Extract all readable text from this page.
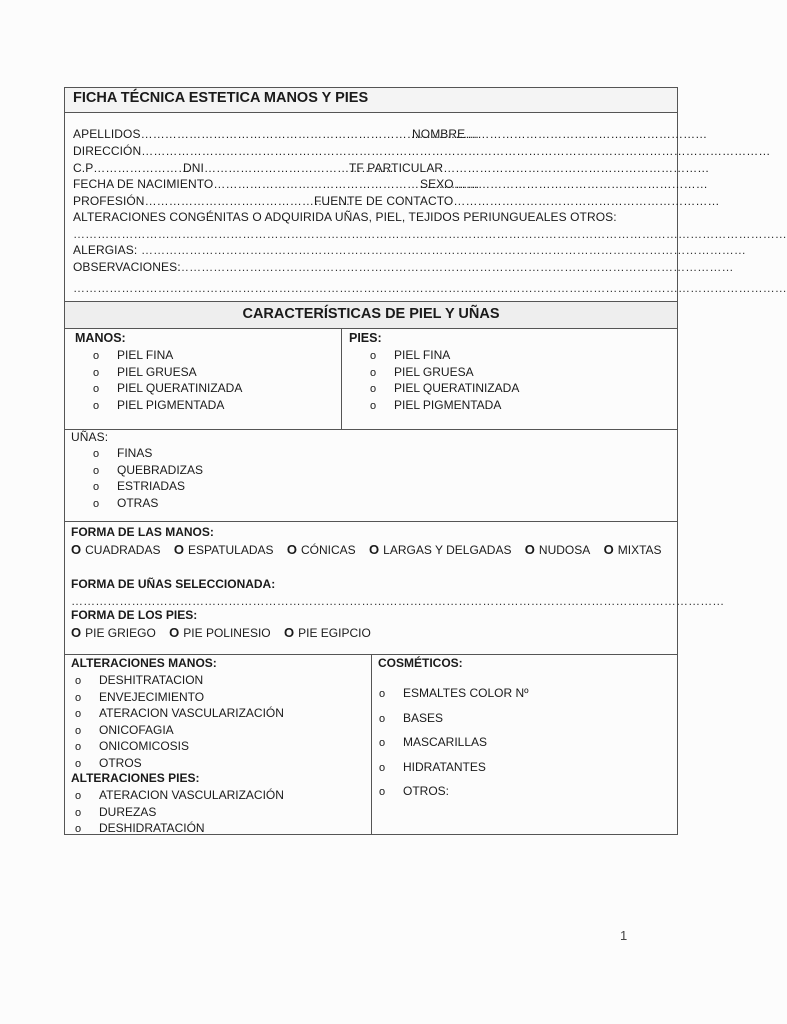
FICHA TÉCNICA ESTETICA MANOS Y PIES
APELLIDOS…………………………………………………………………………
NOMBRE……………………………………………………
DIRECCIÓN…………………………………………………………………………………………………………………………………………
C.P……………………
DNI…………………………………………
TF PARTICULAR…………………………………………………………
FECHA DE NACIMIENTO…………………………………………………………
SEXO………………………………………………………
PROFESIÓN……………………………………………
FUENTE DE CONTACTO…………………………………………………………
ALTERACIONES CONGÉNITAS O ADQUIRIDA UÑAS, PIEL, TEJIDOS PERIUNGUEALES OTROS:
……………………………………………………………………………………………………………………………………………………………
ALERGIAS: ……………………………………………………………………………………………………………………………………
OBSERVACIONES:
…………………………………………………………………………………………………………………………
……………………………………………………………………………………………………………………………………………………………
CARACTERÍSTICAS DE PIEL Y UÑAS
MANOS:
o PIEL FINA
o PIEL GRUESA
o PIEL QUERATINIZADA
o PIEL PIGMENTADA
PIES:
o PIEL FINA
o PIEL GRUESA
o PIEL QUERATINIZADA
o PIEL PIGMENTADA
UÑAS:
o FINAS
o QUEBRADIZAS
o ESTRIADAS
o OTRAS
FORMA DE LAS MANOS:
O CUADRADAS O ESPATULADAS O CÓNICAS O LARGAS Y DELGADAS O NUDOSA O MIXTAS
FORMA DE UÑAS SELECCIONADA:
………………………………………………………………………………………………………………………………………………
FORMA DE LOS PIES:
O PIE GRIEGO O PIE POLINESIO O PIE EGIPCIO
ALTERACIONES MANOS:
o DESHITRATACION
o ENVEJECIMIENTO
o ATERACION VASCULARIZACIÓN
o ONICOFAGIA
o ONICOMICOSIS
o OTROS
ALTERACIONES PIES:
o ATERACION VASCULARIZACIÓN
o DUREZAS
o DESHIDRATACIÓN
COSMÉTICOS:
o ESMALTES COLOR Nº
o BASES
o MASCARILLAS
o HIDRATANTES
o OTROS:
1
